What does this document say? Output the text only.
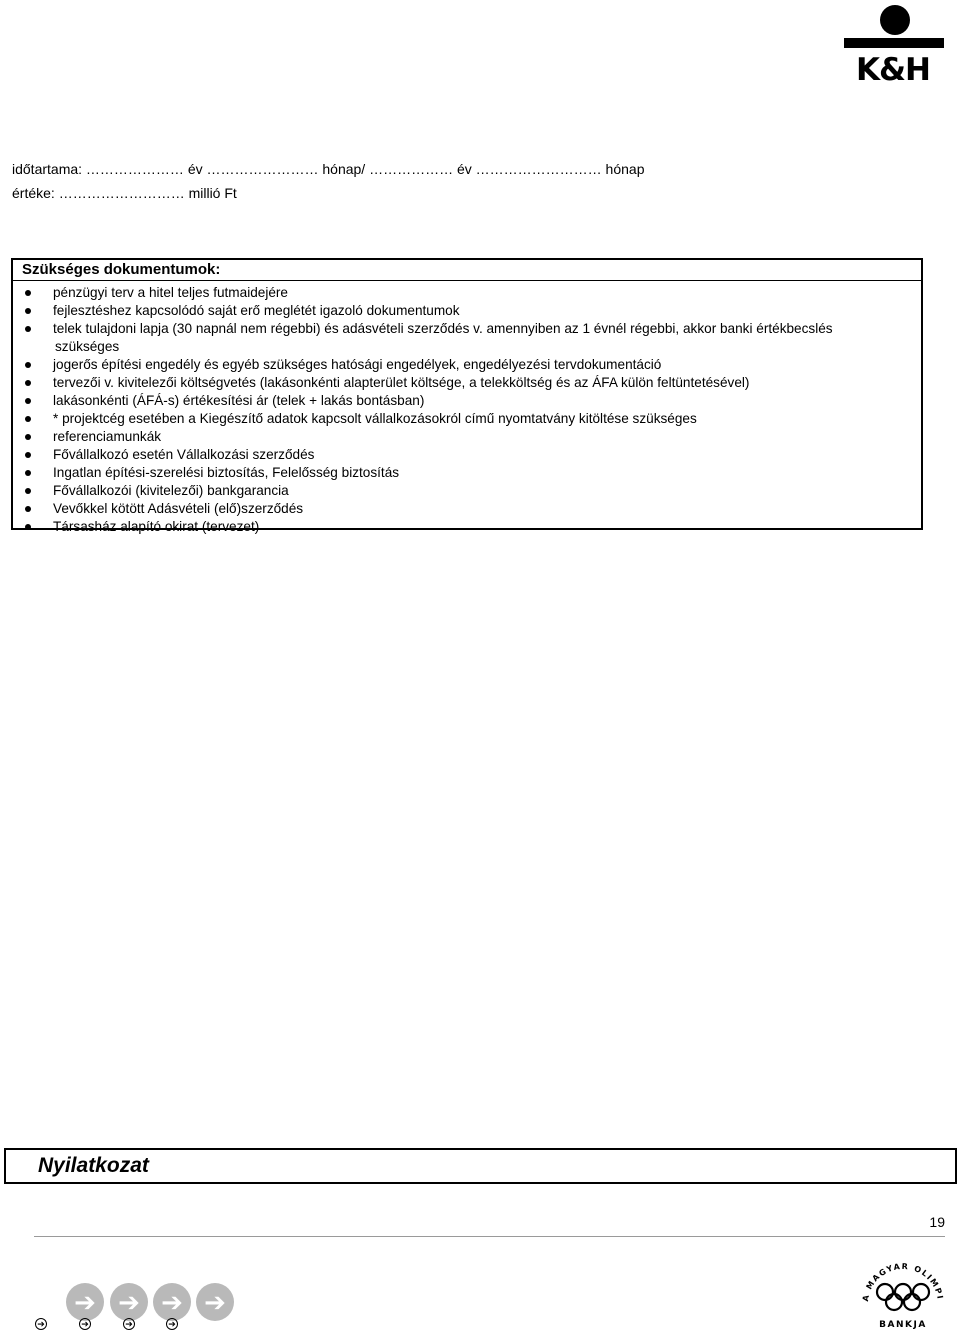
K&H
időtartama: ………………… év …………………… hónap/ ……………… év ……………………… hónap
értéke: ……………………… millió Ft
Szükséges dokumentumok:
pénzügyi terv a hitel teljes futmaidejére
fejlesztéshez kapcsolódó saját erő meglétét igazoló dokumentumok
telek tulajdoni lapja (30 napnál nem régebbi) és adásvételi szerződés v. amennyiben az 1 évnél régebbi, akkor banki értékbecslés
szükséges
jogerős építési engedély és egyéb szükséges hatósági engedélyek, engedélyezési tervdokumentáció
tervezői v. kivitelezői költségvetés (lakásonkénti alapterület költsége, a telekköltség és az ÁFA külön feltüntetésével)
lakásonkénti (ÁFÁ-s) értékesítési ár (telek + lakás bontásban)
* projektcég esetében a Kiegészítő adatok kapcsolt vállalkozásokról című nyomtatvány kitöltése szükséges
referenciamunkák
Fővállalkozó esetén Vállalkozási szerződés
Ingatlan építési-szerelési biztosítás, Felelősség biztosítás
Fővállalkozói (kivitelezői) bankgarancia
Vevőkkel kötött Adásvételi (elő)szerződés
Társasház alapító okirat (tervezet)
Nyilatkozat
19
➔ ➔ ➔ ➔
➔	➔	➔	➔
A MAGYAR OLIMPI
BANKJA
